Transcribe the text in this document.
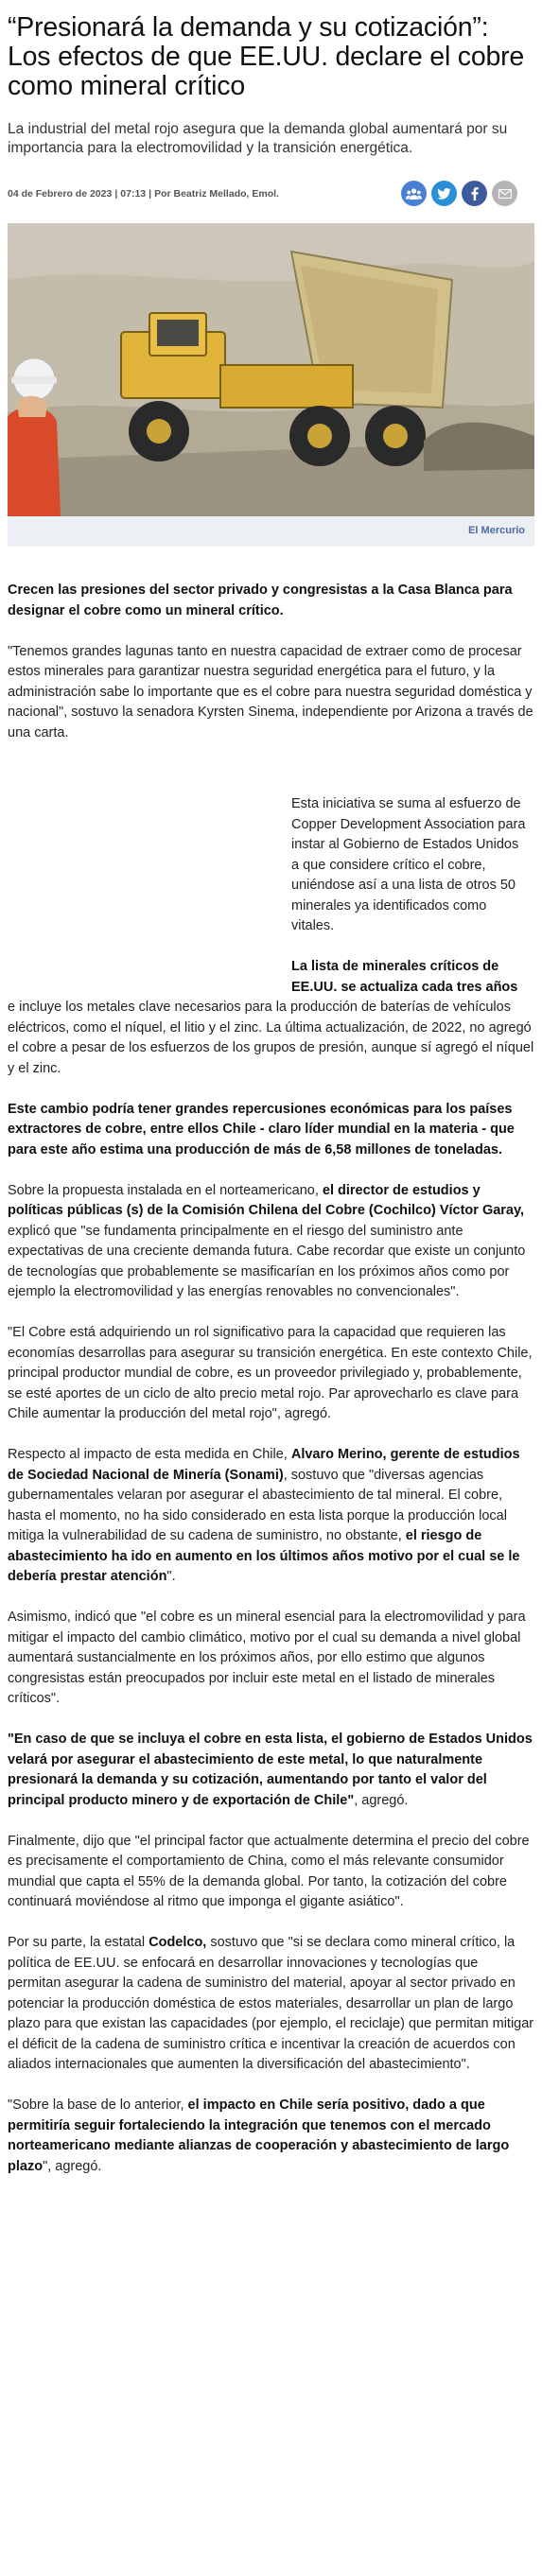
“Presionará la demanda y su cotización”: Los efectos de que EE.UU. declare el cobre como mineral crítico

La industrial del metal rojo asegura que la demanda global aumentará por su importancia para la electromovilidad y la transición energética.

04 de Febrero de 2023 | 07:13 | Por Beatriz Mellado, Emol.
El Mercurio

Crecen las presiones del sector privado y congresistas a la Casa Blanca para designar el cobre como un mineral crítico.

"Tenemos grandes lagunas tanto en nuestra capacidad de extraer como de procesar estos minerales para garantizar nuestra seguridad energética para el futuro, y la administración sabe lo importante que es el cobre para nuestra seguridad doméstica y nacional", sostuvo la senadora Kyrsten Sinema, independiente por Arizona a través de una carta.

Esta iniciativa se suma al esfuerzo de Copper Development Association para instar al Gobierno de Estados Unidos a que considere crítico el cobre, uniéndose así a una lista de otros 50 minerales ya identificados como vitales.

La lista de minerales críticos de EE.UU. se actualiza cada tres años

e incluye los metales clave necesarios para la producción de baterías de vehículos eléctricos, como el níquel, el litio y el zinc. La última actualización, de 2022, no agregó el cobre a pesar de los esfuerzos de los grupos de presión, aunque sí agregó el níquel y el zinc.

Este cambio podría tener grandes repercusiones económicas para los países extractores de cobre, entre ellos Chile - claro líder mundial en la materia - que para este año estima una producción de más de 6,58 millones de toneladas.

Sobre la propuesta instalada en el norteamericano, el director de estudios y políticas públicas (s) de la Comisión Chilena del Cobre (Cochilco) Víctor Garay, explicó que "se fundamenta principalmente en el riesgo del suministro ante expectativas de una creciente demanda futura. Cabe recordar que existe un conjunto de tecnologías que probablemente se masificarían en los próximos años como por ejemplo la electromovilidad y las energías renovables no convencionales".

"El Cobre está adquiriendo un rol significativo para la capacidad que requieren las economías desarrollas para asegurar su transición energética. En este contexto Chile, principal productor mundial de cobre, es un proveedor privilegiado y, probablemente, se esté aportes de un ciclo de alto precio metal rojo. Par aprovecharlo es clave para Chile aumentar la producción del metal rojo", agregó.

Respecto al impacto de esta medida en Chile, Alvaro Merino, gerente de estudios de Sociedad Nacional de Minería (Sonami), sostuvo que "diversas agencias gubernamentales velaran por asegurar el abastecimiento de tal mineral. El cobre, hasta el momento, no ha sido considerado en esta lista porque la producción local mitiga la vulnerabilidad de su cadena de suministro, no obstante, el riesgo de abastecimiento ha ido en aumento en los últimos años motivo por el cual se le debería prestar atención".

Asimismo, indicó que "el cobre es un mineral esencial para la electromovilidad y para mitigar el impacto del cambio climático, motivo por el cual su demanda a nivel global aumentará sustancialmente en los próximos años, por ello estimo que algunos congresistas están preocupados por incluir este metal en el listado de minerales críticos".

"En caso de que se incluya el cobre en esta lista, el gobierno de Estados Unidos velará por asegurar el abastecimiento de este metal, lo que naturalmente presionará la demanda y su cotización, aumentando por tanto el valor del principal producto minero y de exportación de Chile", agregó.

Finalmente, dijo que "el principal factor que actualmente determina el precio del cobre es precisamente el comportamiento de China, como el más relevante consumidor mundial que capta el 55% de la demanda global. Por tanto, la cotización del cobre continuará moviéndose al ritmo que imponga el gigante asiático".

Por su parte, la estatal Codelco, sostuvo que "si se declara como mineral crítico, la política de EE.UU. se enfocará en desarrollar innovaciones y tecnologías que permitan asegurar la cadena de suministro del material, apoyar al sector privado en potenciar la producción doméstica de estos materiales, desarrollar un plan de largo plazo para que existan las capacidades (por ejemplo, el reciclaje) que permitan mitigar el déficit de la cadena de suministro crítica e incentivar la creación de acuerdos con aliados internacionales que aumenten la diversificación del abastecimiento".

"Sobre la base de lo anterior, el impacto en Chile sería positivo, dado a que permitiría seguir fortaleciendo la integración que tenemos con el mercado norteamericano mediante alianzas de cooperación y abastecimiento de largo plazo", agregó.
